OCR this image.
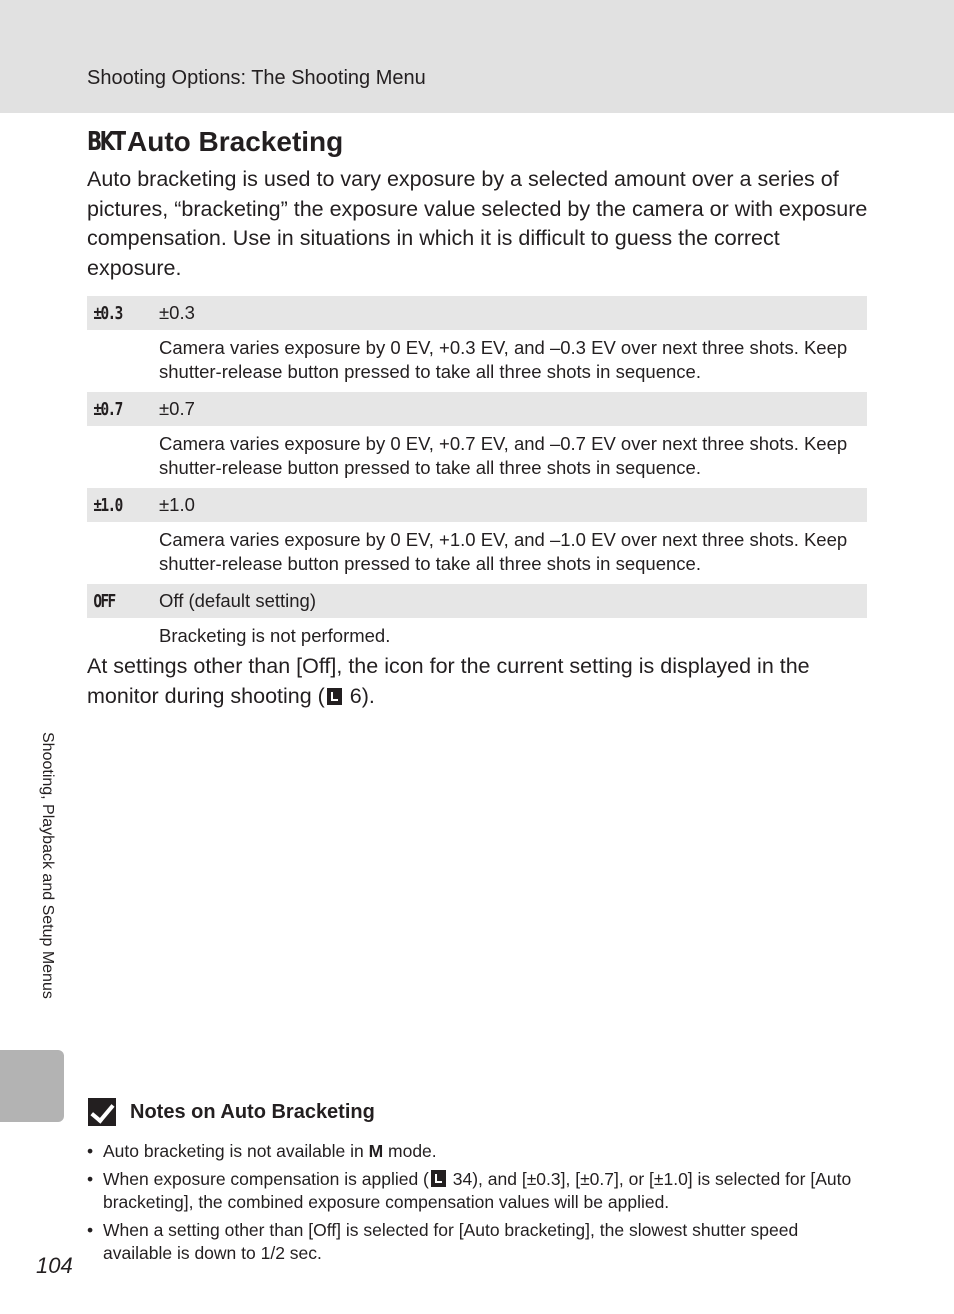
Shooting Options: The Shooting Menu
BKT Auto Bracketing

Auto bracketing is used to vary exposure by a selected amount over a series of pictures, “bracketing” the exposure value selected by the camera or with exposure compensation. Use in situations in which it is difficult to guess the correct exposure.

±0.3	±0.3
Camera varies exposure by 0 EV, +0.3 EV, and –0.3 EV over next three shots. Keep shutter-release button pressed to take all three shots in sequence.
±0.7	±0.7
Camera varies exposure by 0 EV, +0.7 EV, and –0.7 EV over next three shots. Keep shutter-release button pressed to take all three shots in sequence.
±1.0	±1.0
Camera varies exposure by 0 EV, +1.0 EV, and –1.0 EV over next three shots. Keep shutter-release button pressed to take all three shots in sequence.
OFF	Off (default setting)
Bracketing is not performed.

At settings other than [Off], the icon for the current setting is displayed in the monitor during shooting ( 6).

Shooting, Playback and Setup Menus
Notes on Auto Bracketing
• Auto bracketing is not available in M mode.
• When exposure compensation is applied ( 34), and [±0.3], [±0.7], or [±1.0] is selected for [Auto bracketing], the combined exposure compensation values will be applied.
• When a setting other than [Off] is selected for [Auto bracketing], the slowest shutter speed available is down to 1/2 sec.
104
